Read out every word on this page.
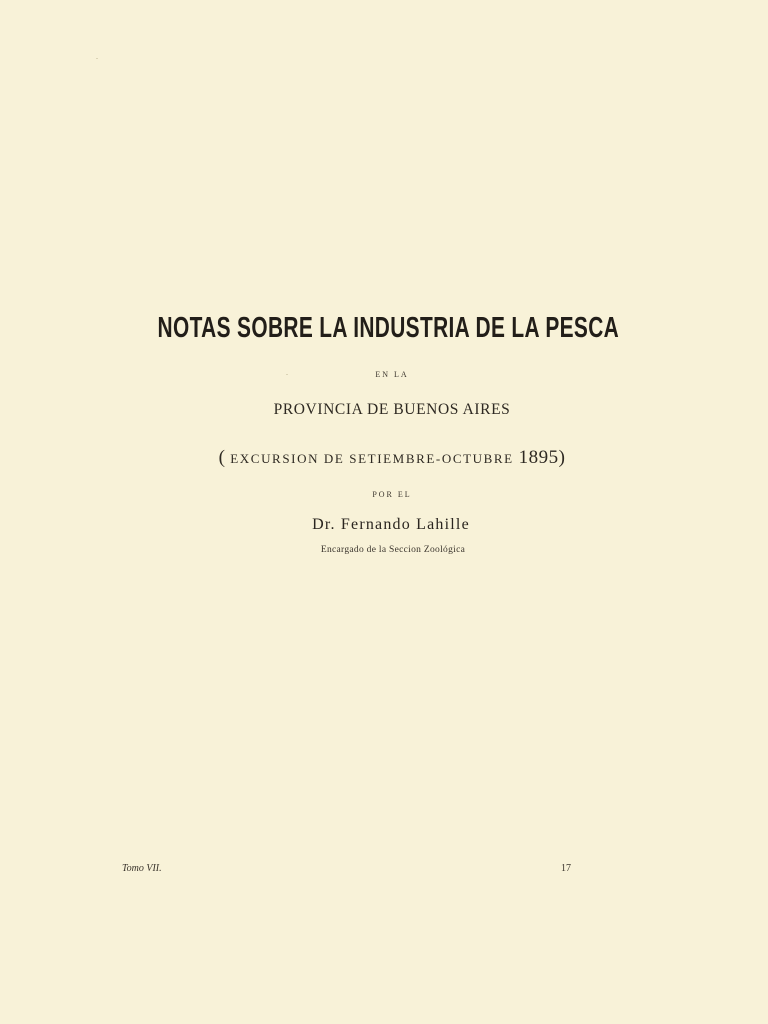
NOTAS SOBRE LA INDUSTRIA DE LA PESCA
EN LA
PROVINCIA DE BUENOS AIRES
( EXCURSION DE SETIEMBRE-OCTUBRE 1895)
POR EL
Dr. Fernando Lahille
Encargado de la Seccion Zoológica
Tomo VII.	17
